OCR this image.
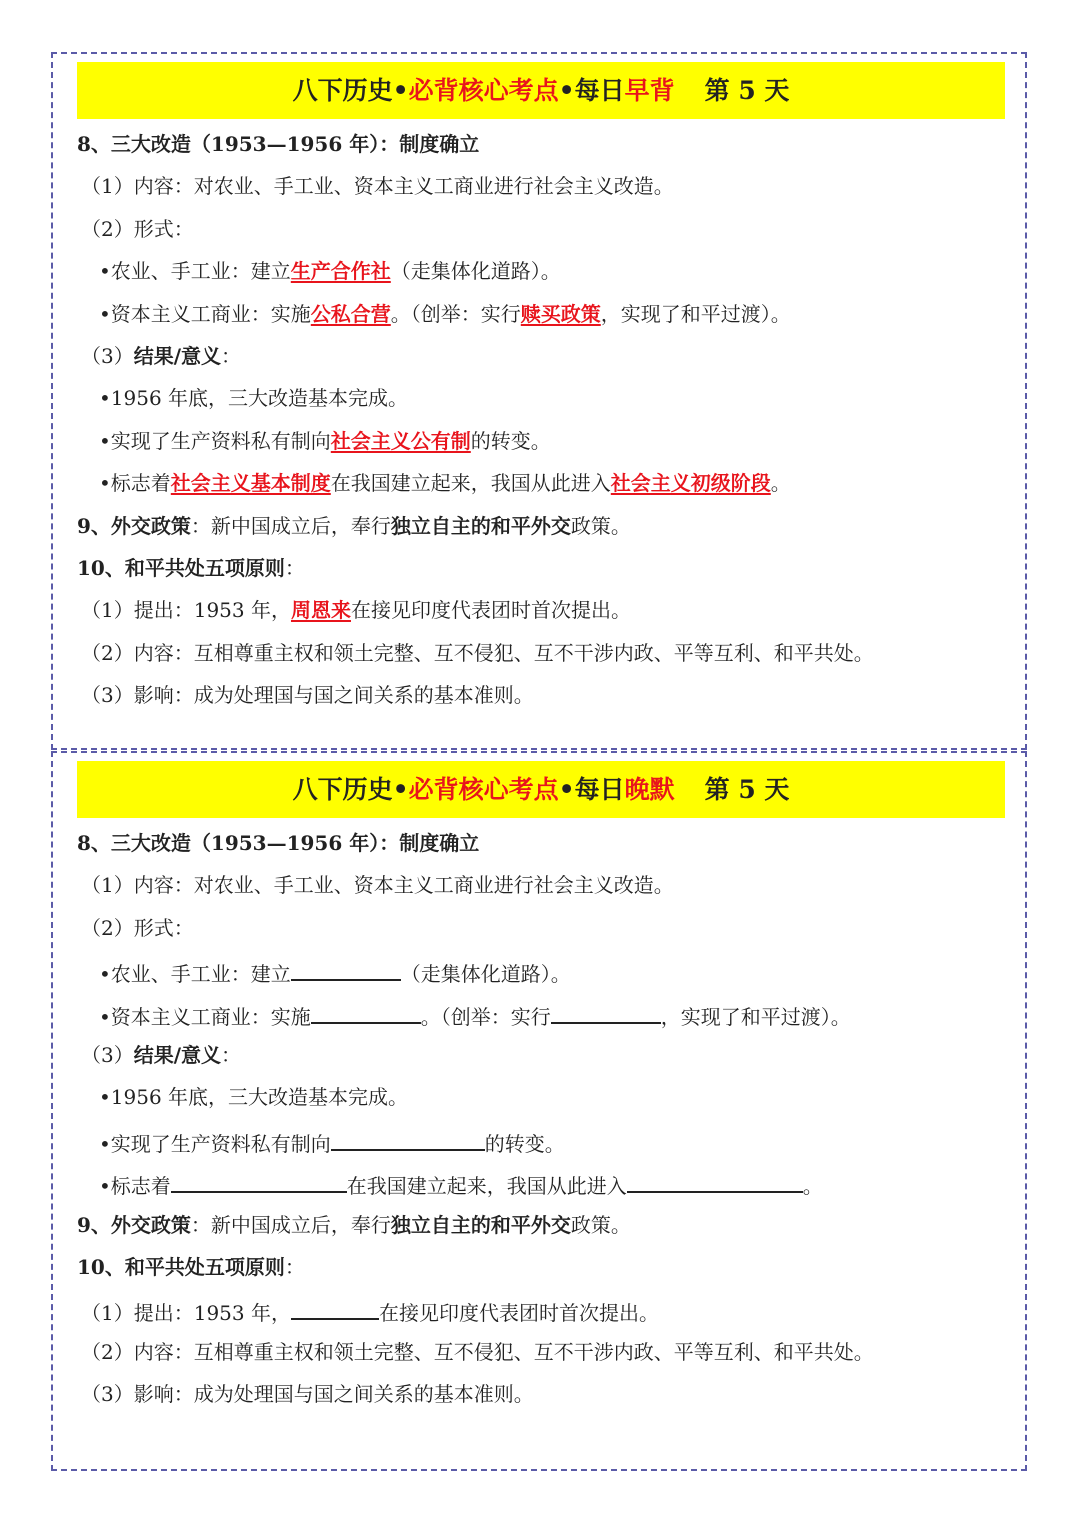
八下历史•必背核心考点•每日早背 第 5 天
8、三大改造（1953—1956 年）：制度确立
（1）内容：对农业、手工业、资本主义工商业进行社会主义改造。
（2）形式：
•农业、手工业：建立生产合作社（走集体化道路）。
•资本主义工商业：实施公私合营。（创举：实行赎买政策，实现了和平过渡）。
（3）结果/意义：
•1956 年底，三大改造基本完成。
•实现了生产资料私有制向社会主义公有制的转变。
•标志着社会主义基本制度在我国建立起来，我国从此进入社会主义初级阶段。
9、外交政策：新中国成立后，奉行独立自主的和平外交政策。
10、和平共处五项原则：
（1）提出：1953 年，周恩来在接见印度代表团时首次提出。
（2）内容：互相尊重主权和领土完整、互不侵犯、互不干涉内政、平等互利、和平共处。
（3）影响：成为处理国与国之间关系的基本准则。
八下历史•必背核心考点•每日晚默 第 5 天
8、三大改造（1953—1956 年）：制度确立
（1）内容：对农业、手工业、资本主义工商业进行社会主义改造。
（2）形式：
•农业、手工业：建立	（走集体化道路）。
•资本主义工商业：实施	。（创举：实行	，实现了和平过渡）。
（3）结果/意义：
•1956 年底，三大改造基本完成。
•实现了生产资料私有制向	的转变。
•标志着	在我国建立起来，我国从此进入	。
9、外交政策：新中国成立后，奉行独立自主的和平外交政策。
10、和平共处五项原则：
（1）提出：1953 年，	在接见印度代表团时首次提出。
（2）内容：互相尊重主权和领土完整、互不侵犯、互不干涉内政、平等互利、和平共处。
（3）影响：成为处理国与国之间关系的基本准则。
